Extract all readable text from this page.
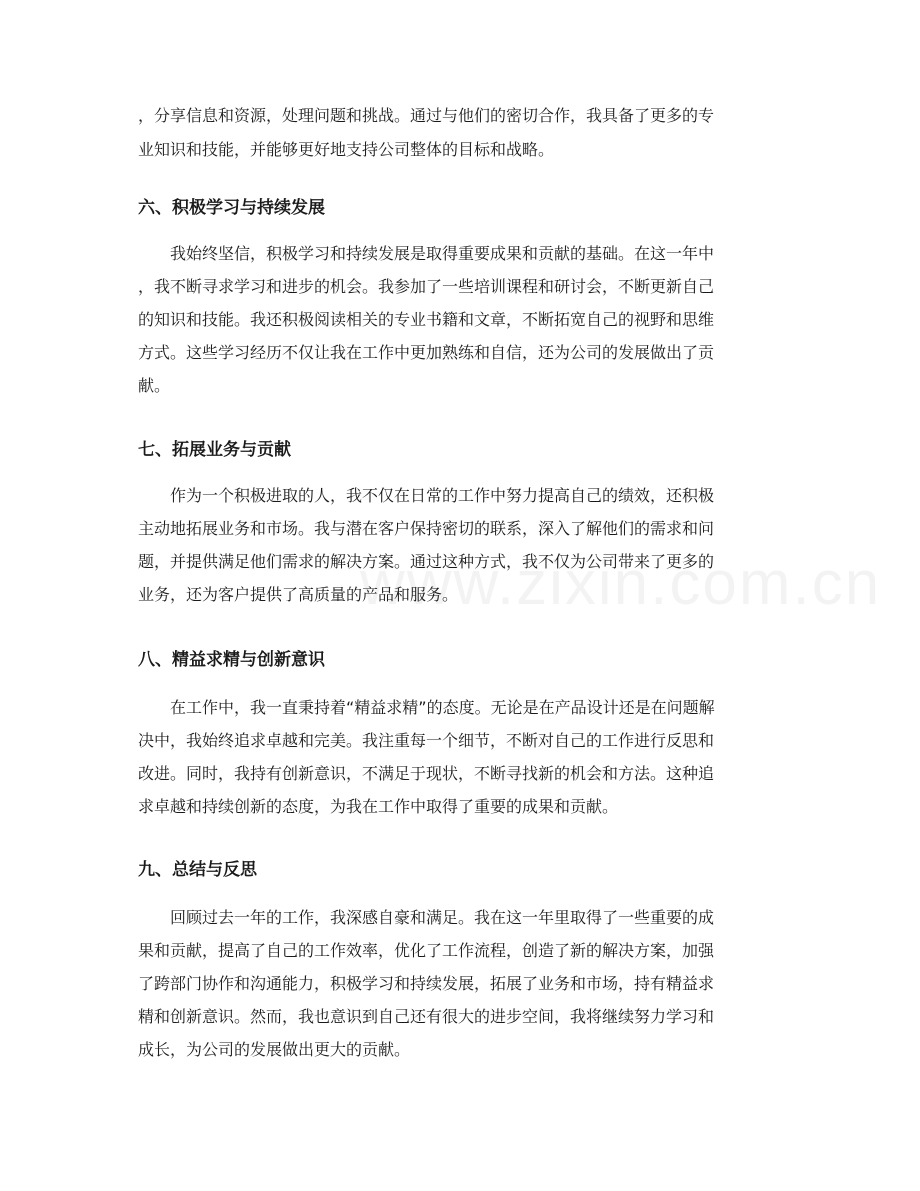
，分享信息和资源，处理问题和挑战。通过与他们的密切合作，我具备了更多的专

业知识和技能，并能够更好地支持公司整体的目标和战略。

六、积极学习与持续发展

我始终坚信，积极学习和持续发展是取得重要成果和贡献的基础。在这一年中

，我不断寻求学习和进步的机会。我参加了一些培训课程和研讨会，不断更新自己

的知识和技能。我还积极阅读相关的专业书籍和文章，不断拓宽自己的视野和思维

方式。这些学习经历不仅让我在工作中更加熟练和自信，还为公司的发展做出了贡

献。

七、拓展业务与贡献

作为一个积极进取的人，我不仅在日常的工作中努力提高自己的绩效，还积极

主动地拓展业务和市场。我与潜在客户保持密切的联系，深入了解他们的需求和问

题，并提供满足他们需求的解决方案。通过这种方式，我不仅为公司带来了更多的

业务，还为客户提供了高质量的产品和服务。

八、精益求精与创新意识

在工作中，我一直秉持着“精益求精”的态度。无论是在产品设计还是在问题解

决中，我始终追求卓越和完美。我注重每一个细节，不断对自己的工作进行反思和

改进。同时，我持有创新意识，不满足于现状，不断寻找新的机会和方法。这种追

求卓越和持续创新的态度，为我在工作中取得了重要的成果和贡献。

九、总结与反思

回顾过去一年的工作，我深感自豪和满足。我在这一年里取得了一些重要的成

果和贡献，提高了自己的工作效率，优化了工作流程，创造了新的解决方案，加强

了跨部门协作和沟通能力，积极学习和持续发展，拓展了业务和市场，持有精益求

精和创新意识。然而，我也意识到自己还有很大的进步空间，我将继续努力学习和

成长，为公司的发展做出更大的贡献。
